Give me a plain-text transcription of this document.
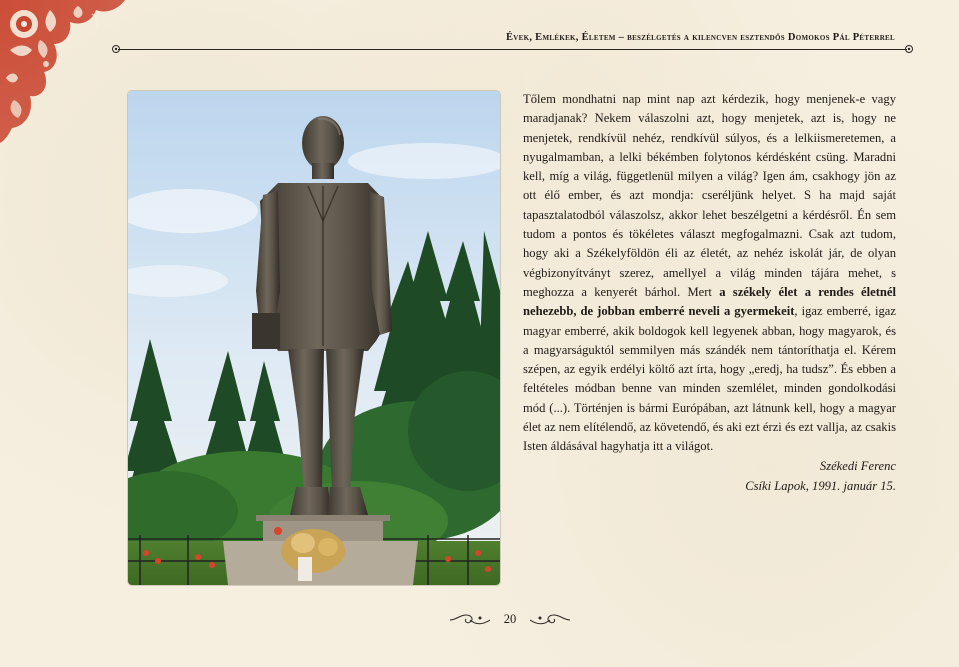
Évek, Emlékek, Életem – beszélgetés a kilencven esztendős Domokos Pál Péterrel

Tőlem mondhatni nap mint nap azt kérdezik, hogy menjenek-e vagy maradjanak? Nekem válaszolni azt, hogy menjetek, azt is, hogy ne menjetek, rendkívül nehéz, rendkívül súlyos, és a lelkiismeretemen, a nyugalmamban, a lelki békémben folytonos kérdésként csüng. Maradni kell, míg a világ, függetlenül milyen a világ? Igen ám, csakhogy jön az ott élő ember, és azt mondja: cseréljünk helyet. S ha majd saját tapasztalatodból válaszolsz, akkor lehet beszélgetni a kérdésről. Én sem tudom a pontos és tökéletes választ megfogalmazni. Csak azt tudom, hogy aki a Székelyföldön éli az életét, az nehéz iskolát jár, de olyan végbizonyítványt szerez, amellyel a világ minden tájára mehet, s meghozza a kenyerét bárhol. Mert a székely élet a rendes életnél nehezebb, de jobban emberré neveli a gyermekeit, igaz emberré, igaz magyar emberré, akik boldogok kell legyenek abban, hogy magyarok, és a magyarságuktól semmilyen más szándék nem tántoríthatja el. Kérem szépen, az egyik erdélyi költő azt írta, hogy „eredj, ha tudsz”. És ebben a feltételes módban benne van minden szemlélet, minden gondolkodási mód (...). Történjen is bármi Európában, azt látnunk kell, hogy a magyar élet az nem elítélendő, az követendő, és aki ezt érzi és ezt vallja, az csakis Isten áldásával hagyhatja itt a világot.

Székedi Ferenc
Csíki Lapok, 1991. január 15.
20
